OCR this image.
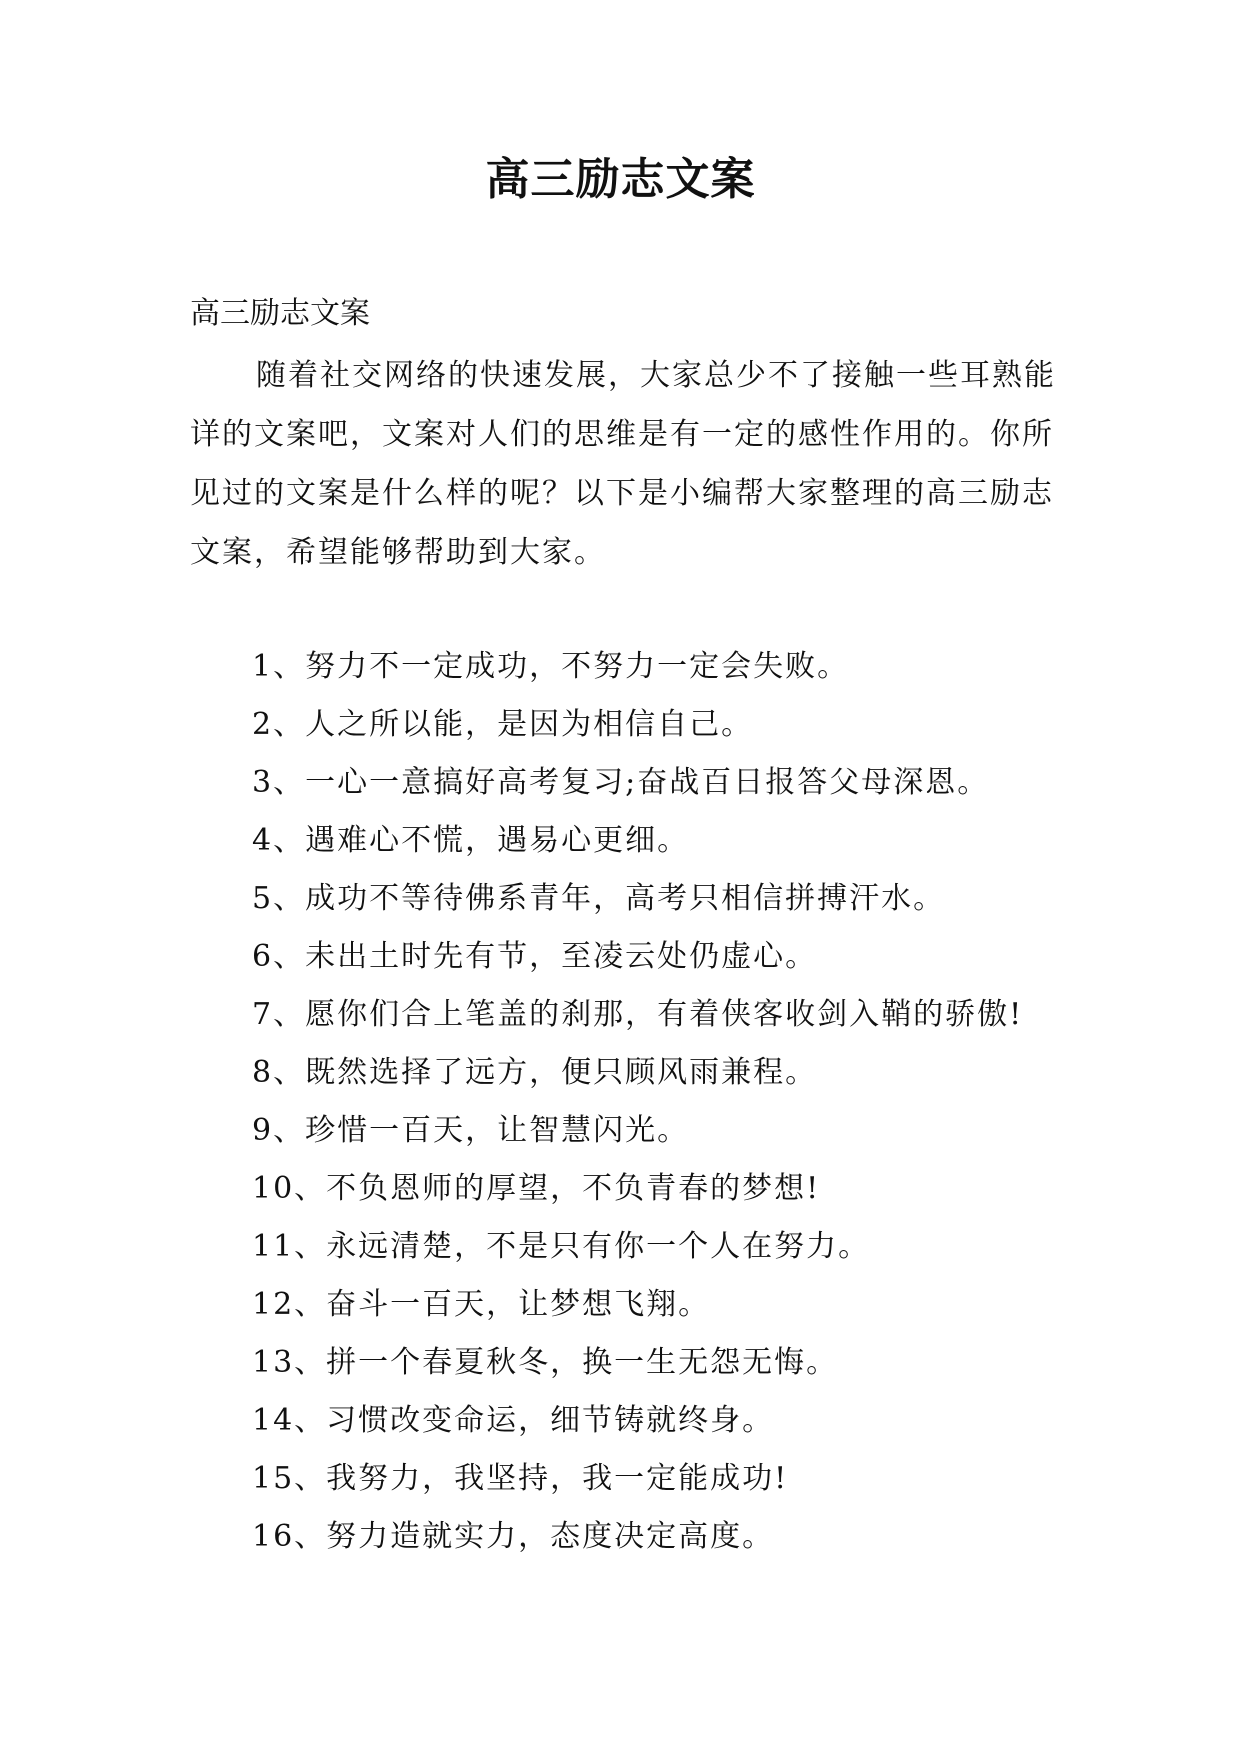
高三励志文案

高三励志文案

随着社交网络的快速发展，大家总少不了接触一些耳熟能详的文案吧，文案对人们的思维是有一定的感性作用的。你所见过的文案是什么样的呢？以下是小编帮大家整理的高三励志文案，希望能够帮助到大家。

1、努力不一定成功，不努力一定会失败。
2、人之所以能，是因为相信自己。
3、一心一意搞好高考复习;奋战百日报答父母深恩。
4、遇难心不慌，遇易心更细。
5、成功不等待佛系青年，高考只相信拼搏汗水。
6、未出土时先有节，至凌云处仍虚心。
7、愿你们合上笔盖的刹那，有着侠客收剑入鞘的骄傲!
8、既然选择了远方，便只顾风雨兼程。
9、珍惜一百天，让智慧闪光。
10、不负恩师的厚望，不负青春的梦想!
11、永远清楚，不是只有你一个人在努力。
12、奋斗一百天，让梦想飞翔。
13、拼一个春夏秋冬，换一生无怨无悔。
14、习惯改变命运，细节铸就终身。
15、我努力，我坚持，我一定能成功!
16、努力造就实力，态度决定高度。
